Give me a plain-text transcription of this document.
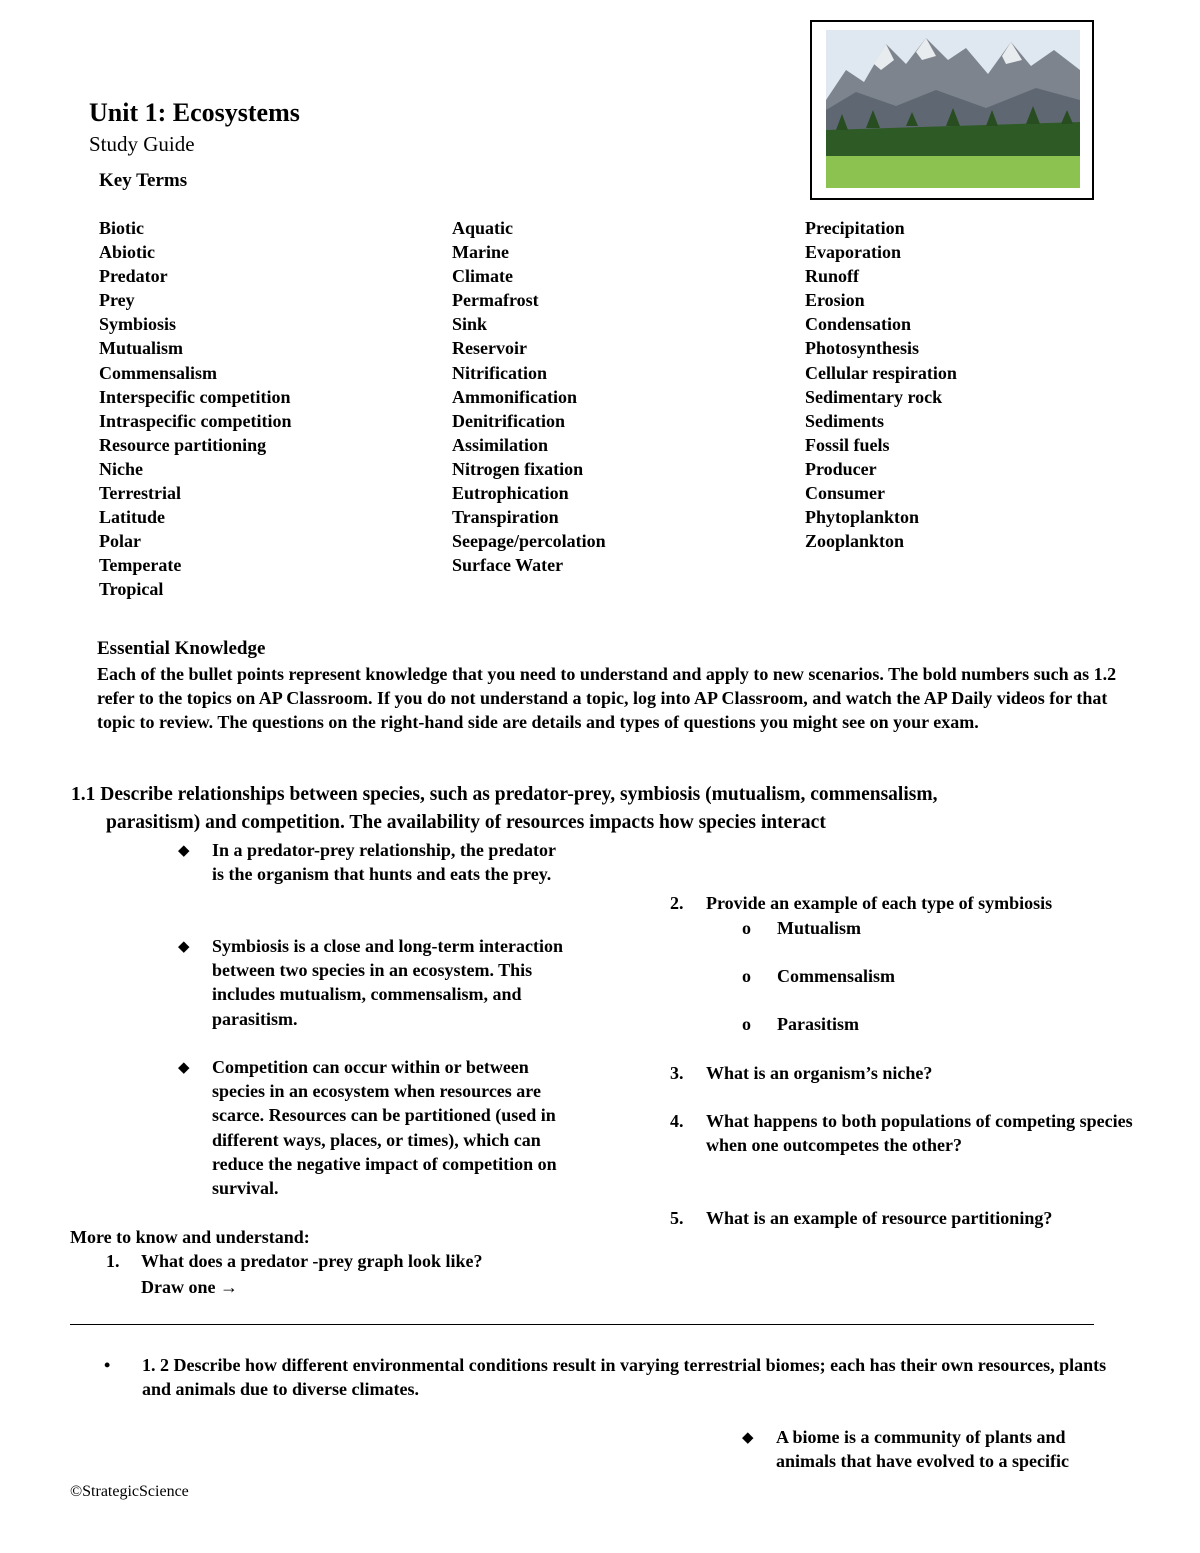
Unit 1: Ecosystems
Study Guide
Key Terms
Biotic
Abiotic
Predator
Prey
Symbiosis
Mutualism
Commensalism
Interspecific competition
Intraspecific competition
Resource partitioning
Niche
Terrestrial
Latitude
Polar
Temperate
Tropical
Aquatic
Marine
Climate
Permafrost
Sink
Reservoir
Nitrification
Ammonification
Denitrification
Assimilation
Nitrogen fixation
Eutrophication
Transpiration
Seepage/percolation
Surface Water
Precipitation
Evaporation
Runoff
Erosion
Condensation
Photosynthesis
Cellular respiration
Sedimentary rock
Sediments
Fossil fuels
Producer
Consumer
Phytoplankton
Zooplankton
Essential Knowledge
Each of the bullet points represent knowledge that you need to understand and apply to new scenarios. The bold numbers such as 1.2 refer to the topics on AP Classroom. If you do not understand a topic, log into AP Classroom, and watch the AP Daily videos for that topic to review. The questions on the right-hand side are details and types of questions you might see on your exam.
1.1 Describe relationships between species, such as predator-prey, symbiosis (mutualism, commensalism,
parasitism) and competition. The availability of resources impacts how species interact
◆ In a predator-prey relationship, the predator is the organism that hunts and eats the prey.
◆ Symbiosis is a close and long-term interaction between two species in an ecosystem. This includes mutualism, commensalism, and parasitism.
◆ Competition can occur within or between species in an ecosystem when resources are scarce. Resources can be partitioned (used in different ways, places, or times), which can reduce the negative impact of competition on survival.
More to know and understand:
1. What does a predator -prey graph look like?
Draw one →
2. Provide an example of each type of symbiosis
o Mutualism
o Commensalism
o Parasitism
3. What is an organism’s niche?
4. What happens to both populations of competing species when one outcompetes the other?
5. What is an example of resource partitioning?
• 1. 2 Describe how different environmental conditions result in varying terrestrial biomes; each has their own resources, plants and animals due to diverse climates.
◆ A biome is a community of plants and animals that have evolved to a specific
©StrategicScience
